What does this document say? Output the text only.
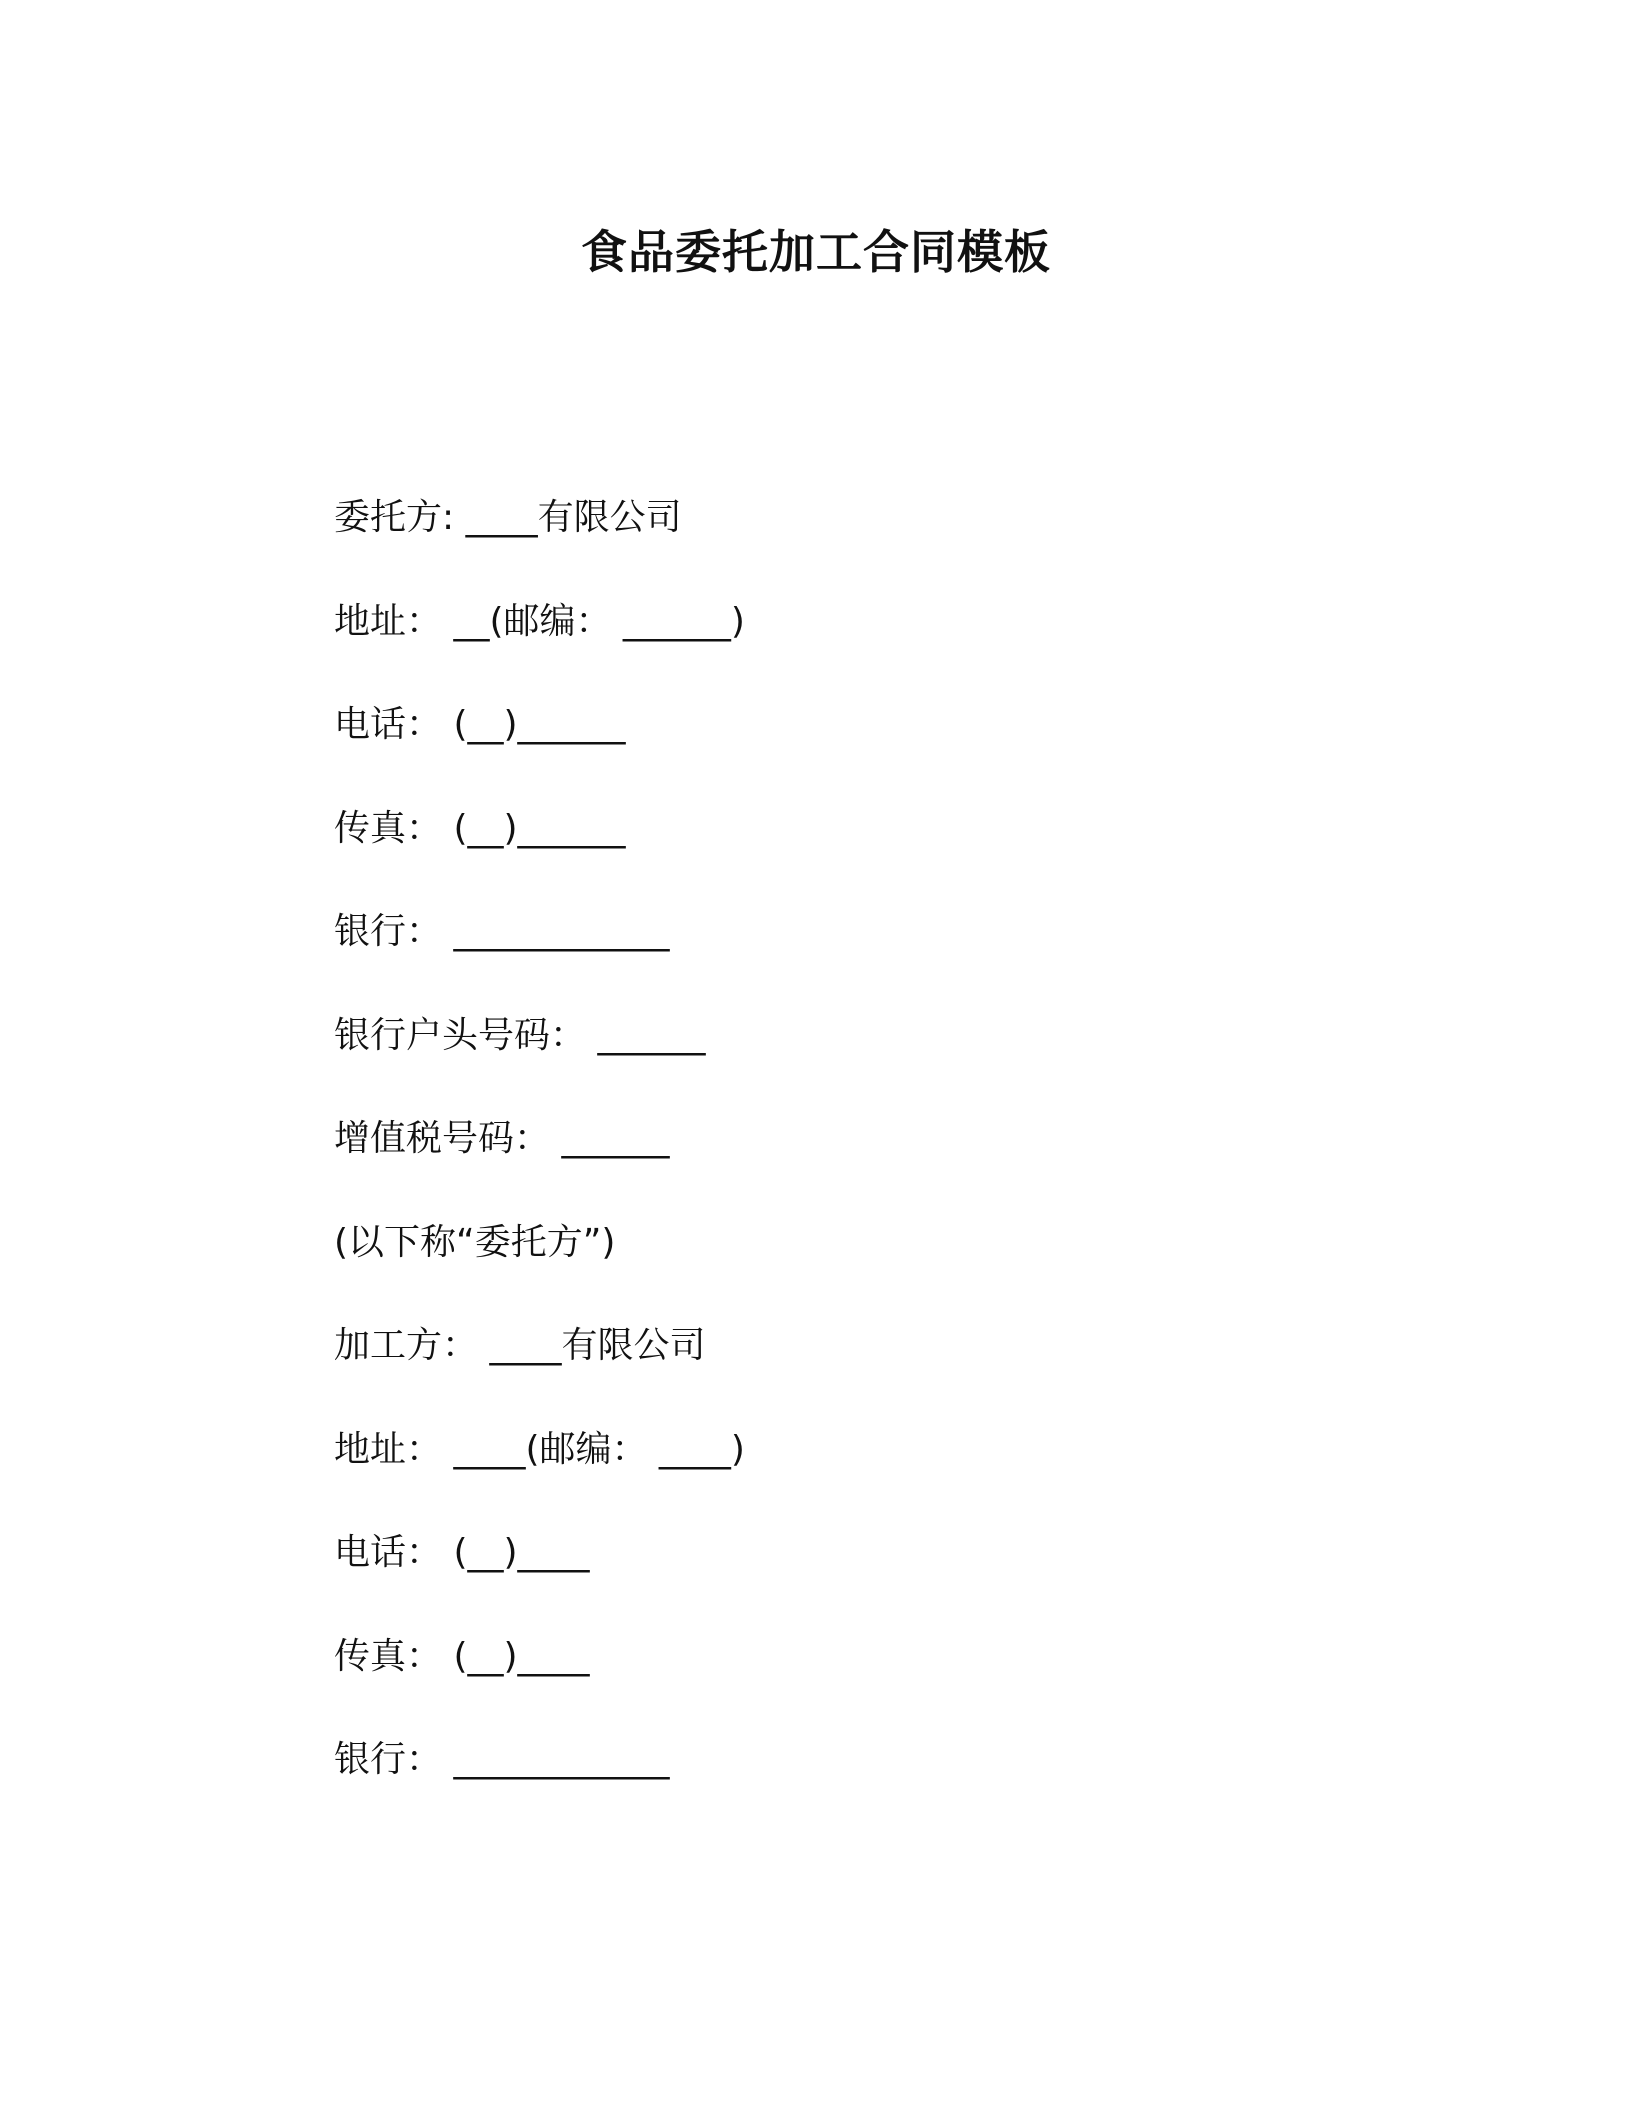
食品委托加工合同模板
委托方: ____有限公司
地址： __(邮编： ______)
电话： (__)______
传真： (__)______
银行： ____________
银行户头号码： ______
增值税号码： ______
(以下称“委托方”)
加工方： ____有限公司
地址： ____(邮编： ____)
电话： (__)____
传真： (__)____
银行： ____________
